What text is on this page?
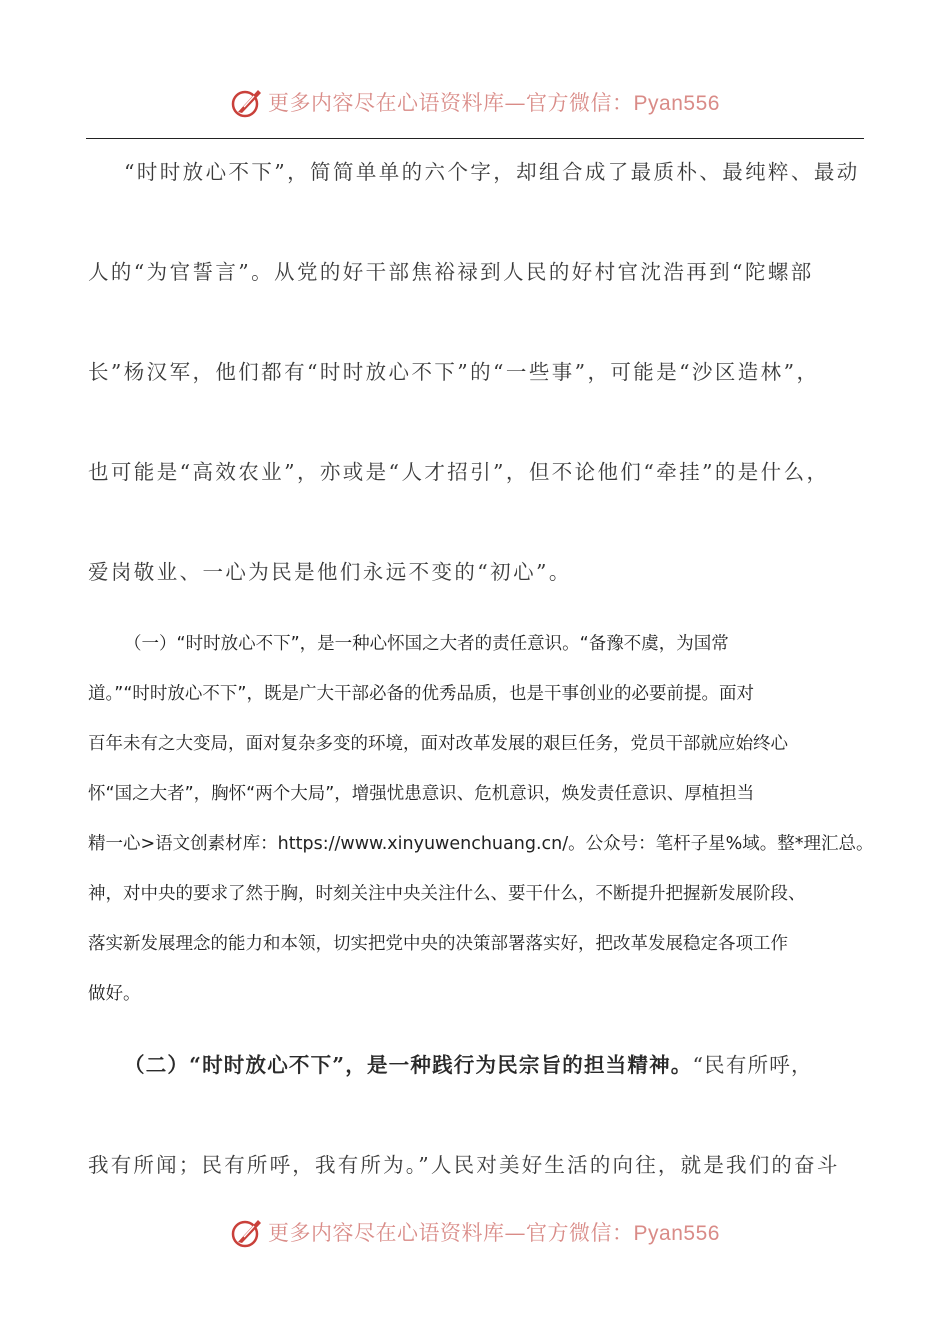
更多内容尽在心语资料库—官方微信：Pyan556
“时时放心不下”，简简单单的六个字，却组合成了最质朴、最纯粹、最动
人的“为官誓言”。从党的好干部焦裕禄到人民的好村官沈浩再到“陀螺部
长”杨汉军，他们都有“时时放心不下”的“一些事”，可能是“沙区造林”，
也可能是“高效农业”，亦或是“人才招引”，但不论他们“牵挂”的是什么，
爱岗敬业、一心为民是他们永远不变的“初心”。
（一）“时时放心不下”，是一种心怀国之大者的责任意识。“备豫不虞，为国常
道。”“时时放心不下”，既是广大干部必备的优秀品质，也是干事创业的必要前提。面对
百年未有之大变局，面对复杂多变的环境，面对改革发展的艰巨任务，党员干部就应始终心
怀“国之大者”，胸怀“两个大局”，增强忧患意识、危机意识，焕发责任意识、厚植担当
精一心>语文创素材库：https://www.xinyuwenchuang.cn/。公众号：笔杆子星%域。整*理汇总。
神，对中央的要求了然于胸，时刻关注中央关注什么、要干什么，不断提升把握新发展阶段、
落实新发展理念的能力和本领，切实把党中央的决策部署落实好，把改革发展稳定各项工作
做好。
（二）“时时放心不下”，是一种践行为民宗旨的担当精神。“民有所呼，
我有所闻；民有所呼，我有所为。”人民对美好生活的向往，就是我们的奋斗
更多内容尽在心语资料库—官方微信：Pyan556
